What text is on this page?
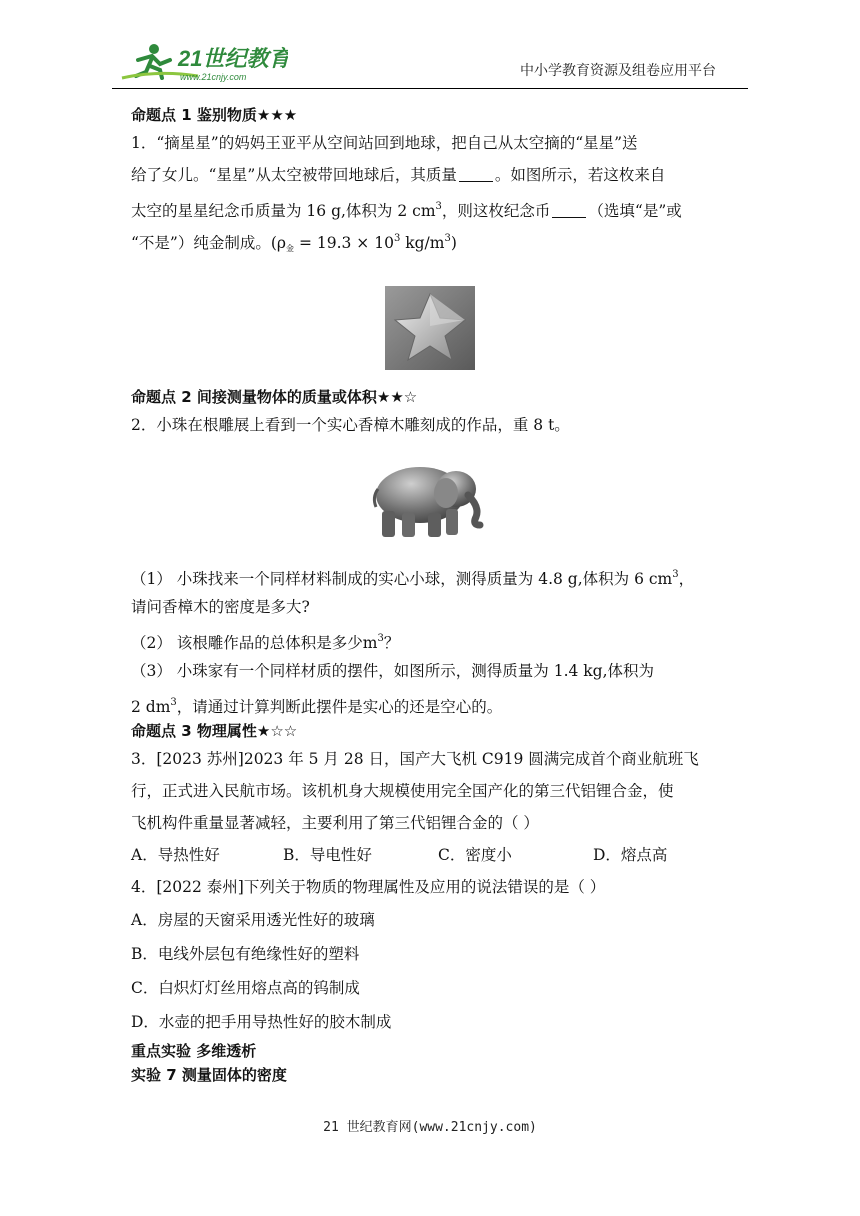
21世纪教育
www.21cnjy.com	中小学教育资源及组卷应用平台
命题点 1 鉴别物质★★★
1．“摘星星”的妈妈王亚平从空间站回到地球，把自己从太空摘的“星星”送
给了女儿。“星星”从太空被带回地球后，其质量 。如图所示，若这枚来自
太空的星星纪念币质量为 16 g,体积为 2 $cm^3$，则这枚纪念币 （选填“是”或
“不是”）纯金制成。($\rho_金 = 19.3 \times 10^3$ $kg/m^3$)
命题点 2 间接测量物体的质量或体积★★☆
2．小珠在根雕展上看到一个实心香樟木雕刻成的作品，重 8 t。
（1） 小珠找来一个同样材料制成的实心小球，测得质量为 4.8 g,体积为 6 $cm^3$，
请问香樟木的密度是多大?
（2） 该根雕作品的总体积是多少$m^3$？
（3） 小珠家有一个同样材质的摆件，如图所示，测得质量为 1.4 kg,体积为
2 $dm^3$，请通过计算判断此摆件是实心的还是空心的。
命题点 3 物理属性★☆☆
3．[2023 苏州]2023 年 5 月 28 日，国产大飞机 C919 圆满完成首个商业航班飞
行，正式进入民航市场。该机机身大规模使用完全国产化的第三代铝锂合金，使
飞机构件重量显著减轻，主要利用了第三代铝锂合金的（ ）
A．导热性好	B．导电性好	C．密度小	D．熔点高
4．[2022 泰州]下列关于物质的物理属性及应用的说法错误的是（ ）
A．房屋的天窗采用透光性好的玻璃
B．电线外层包有绝缘性好的塑料
C．白炽灯灯丝用熔点高的钨制成
D．水壶的把手用导热性好的胶木制成
重点实验 多维透析
实验 7 测量固体的密度
21 世纪教育网(www.21cnjy.com)
